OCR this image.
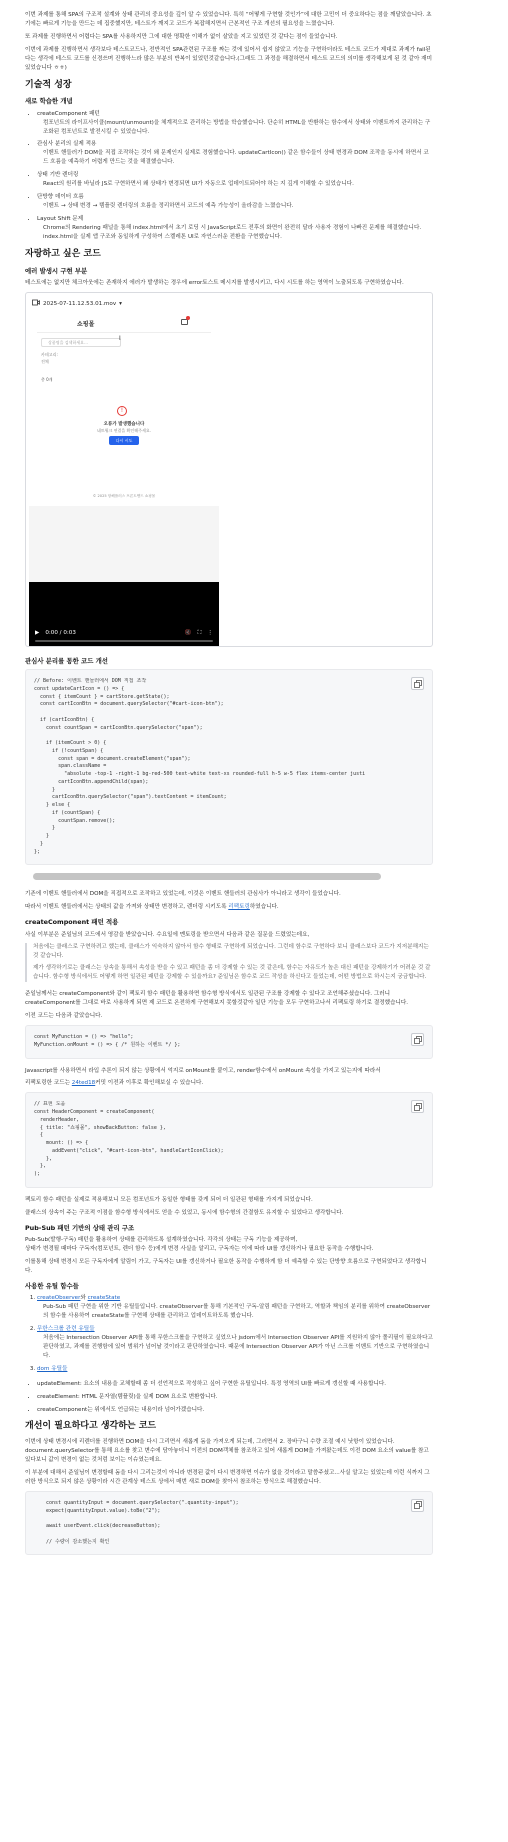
이번 과제를 통해 SPA의 구조적 설계와 상태 관리의 중요성을 깊이 알 수 있었습니다. 특히 “어떻게 구현할 것인가”에 대한 고민이 더 중요하다는 점을 깨달았습니다. 초기에는 빠르게 기능을 만드는 데 집중했지만, 테스트가 깨지고 코드가 복잡해지면서 근본적인 구조 개선의 필요성을 느꼈습니다.

또 과제를 진행하면서 어렵다는 SPA를 사용하지만 그에 대한 명확한 이해가 없이 살았을 지고 있었던 것 같다는 점이 들었습니다.

이번에 과제를 진행하면서 생각보다 테스트코드나, 전반적인 SPA관련된 구조를 짜는 것에 있어서 쉽지 않았고 기능을 구현하더라도 테스트 코드가 제대로 과제가 fail된다는 생각에 테스트 코드를 신경쓰며 진행하느라 많은 부분의 반복이 있었던것같습니다.(그래도 그 과정을 해결하면서 테스트 코드의 의미를 생각해보게 된 것 같아 재미있었습니다 ㅎㅎ)

기술적 성장
새로 학습한 개념
• createComponent 패턴
컴포넌트의 라이프사이클(mount/unmount)을 체계적으로 관리하는 방법을 학습했습니다. 단순히 HTML을 반환하는 함수에서 상태와 이벤트까지 관리하는 구조화된 컴포넌트로 발전시킬 수 있었습니다.
• 관심사 분리의 실제 적용
이벤트 핸들러가 DOM을 직접 조작하는 것이 왜 문제인지 실제로 경험했습니다. updateCartIcon() 같은 함수들이 상태 변경과 DOM 조작을 동시에 하면서 코드 흐름을 예측하기 어렵게 만드는 것을 해결했습니다.
• 상태 기반 렌더링
React의 원리를 바닐라 JS로 구현하면서 왜 상태가 변경되면 UI가 자동으로 업데이트되어야 하는 지 깊게 이해할 수 있었습니다.
• 단방향 데이터 흐름
이벤트 → 상태 변경 → 템플릿 렌더링의 흐름을 정리하면서 코드의 예측 가능성이 올라감을 느꼈습니다.
• Layout Shift 문제
Chrome의 Rendering 패널을 통해 index.html에서 초기 로딩 시 JavaScript로드 전후의 화면이 완전히 달라 사용자 경험이 나빠진 문제를 해결했습니다. index.html을 실제 앱 구조와 동일하게 구성하여 스켈레톤 UI로 자연스러운 전환을 구현했습니다.
자랑하고 싶은 코드
에러 발생시 구현 부분

테스트에는 없지만 체크아웃에는 존재하지 에러가 발생하는 경우에 error토스트 메시지를 발생시키고, 다시 시도를 하는 영역이 노출되도록 구현하였습니다.

2025-07-11.12.53.01.mov ▾
쇼핑몰
상품명을 검색하세요...
I
카테고리:
전체
총 0개
!
오류가 발생했습니다
네트워크 연결을 확인해주세요.
다시 시도
© 2025 항해플러스 프론트엔드 쇼핑몰
▶ 0:00 / 0:03	🔇 ⛶ ⋮
관심사 분리를 통한 코드 개선
// Before: 이벤트 핸들러에서 DOM 직접 조작
const updateCartIcon = () => {
const { itemCount } = cartStore.getState();
const cartIconBtn = document.querySelector("#cart-icon-btn");

if (cartIconBtn) {
const countSpan = cartIconBtn.querySelector("span");

if (itemCount > 0) {
if (!countSpan) {
const span = document.createElement("span");
span.className =
"absolute -top-1 -right-1 bg-red-500 text-white text-xs rounded-full h-5 w-5 flex items-center justi
cartIconBtn.appendChild(span);
}
cartIconBtn.querySelector("span").textContent = itemCount;
} else {
if (countSpan) {
countSpan.remove();
}
}
}
};

기존에 이벤트 핸들러에서 DOM을 직접적으로 조작하고 있었는데, 이것은 이벤트 핸들러의 관심사가 아니라고 생각이 들었습니다.

따라서 이벤트 핸들러에서는 상태의 값을 가져와 상태만 변경하고, 렌더링 시키도록 리팩토링하였습니다.

createComponent 패턴 적용

사실 이부분은 준일님의 코드에서 영감을 받았습니다. 수요일에 멘토링을 받으면서 다음과 같은 질문을 드렸었는데요,

처음에는 클래스로 구현하려고 했는데, 클래스가 익숙하지 않아서 함수 형태로 구현하게 되었습니다. 그런데 함수로 구현하다 보니 클래스보다 코드가 지저분해지는 것 같습니다.

제가 생각하기로는 클래스는 상속을 통해서 속성을 받을 수 있고 패턴을 좀 더 강제할 수 있는 것 같은데, 함수는 자유도가 높은 대신 패턴을 강제하기가 어려운 것 같습니다. 함수형 방식에서도 어떻게 하면 일관된 패턴을 강제할 수 있을까요? 준일님은 함수로 코드 작성을 하신다고 들었는데, 어떤 방법으로 하시는지 궁금합니다.

준일님께서는 createComponent와 같이 팩토리 함수 패턴을 활용하면 함수형 방식에서도 일관된 구조를 강제할 수 있다고 조언해주셨습니다. 그러니 createComponent를 그대로 바로 사용하게 되면 제 코드로 온전하게 구현해보지 못할것같아 일단 기능을 모두 구현하고나서 리팩토링 하기로 결정했습니다.

이전 코드는 다음과 같았습니다.

const MyFunction = () => "hello";
MyFunction.onMount = () => { /* 원하는 이벤트 */ };

Javascript를 사용하면서 라입 추론이 되지 않는 상황에서 억지로 onMount를 붙이고, render함수에서 onMount 속성을 가지고 있는지에 따라서

리팩토링한 코드는 24ted18커밋 이전과 이후로 확인해보실 수 있습니다.

// 표현 도움
const HeaderComponent = createComponent(
renderHeader,
{ title: "쇼핑몰", showBackButton: false },
{
mount: () => {
addEvent("click", "#cart-icon-btn", handleCartIconClick);
},
},
);

팩토리 함수 패턴을 실제로 적용해보니 모든 컴포넌트가 동일한 형태를 갖게 되어 더 일관된 형태를 가지게 되었습니다.

클래스의 상속이 주는 구조적 이점을 함수형 방식에서도 얻을 수 있었고, 동시에 함수형의 간결함도 유지할 수 있었다고 생각합니다.

Pub-Sub 패턴 기반의 상태 관리 구조

Pub-Sub(발행-구독) 패턴을 활용하여 상태를 관리하도록 설계하였습니다. 각각의 상태는 구독 기능을 제공하며,
상태가 변경될 때마다 구독자(컴포넌트, 렌더 함수 등)에게 변경 사실을 알리고, 구독자는 이에 따라 UI를 갱신하거나 필요한 동작을 수행합니다.

이를통해 상태 변경시 모든 구독자에게 알림이 가고, 구독자는 UI를 갱신하거나 필요한 동작을 수행하게 함 더 예측할 수 있는 단방향 흐름으로 구현되었다고 생각합니다.

사용한 유틸 함수들
1. createObserver와 createState
Pub-Sub 패턴 구현을 위한 기반 유틸들입니다. createObserver를 통해 기본적인 구독-알림 패턴을 구현하고, 역할과 책임의 분리를 위하여 createObserver의 함수를 사용하여 createState를 구현해 상태를 관리하고 업데이트하도록 했습니다.
2. 무한스크롤 관련 유틸들
처음에는 Intersection Observer API를 통해 무한스크롤을 구현하고 싶었으나 jsdom에서 Intersection Observer API를 지원하지 않아 폴리필이 필요하다고 판단하였고, 과제를 진행함에 있어 범위가 넘어날 것이라고 판단하였습니다. 때문에 Intersection Observer API가 아닌 스크롤 이벤트 기반으로 구현하였습니다.
3. dom 유틸들
• updateElement: 요소의 내용을 교체할때 좀 더 선언적으로 작성하고 싶어 구현한 유틸입니다. 특정 영역의 UI를 빠르게 갱신할 때 사용합니다.
• createElement: HTML 문자열(템플릿)을 실제 DOM 요소로 변환합니다.
• createComponent는 위에서도 언급되는 내용이라 넘어가겠습니다.
개선이 필요하다고 생각하는 코드

이번에 상태 변경시에 리렌더를 진행하면 DOM을 다시 그리면서 새롭게 돔을 가져오게 되는데, 그러면서 2. 장바구니 수량 조절 예시 낫항이 있었습니다. document.querySelector를 통해 요소를 찾고 변수에 담아놓더니 이전의 DOM객체를 참조하고 있어 새롭게 DOM을 가져왔는데도 이전 DOM 요소의 value를 참고있다보니 값이 변경이 없는 것처럼 보이는 이슈였는데요.

이 부분에 대해서 준일님이 변경할때 돔을 다시 그리는것이 아니라 변경된 값이 다시 변경하면 이슈가 없을 것이라고 말씀주셨고...사실 알고는 있었는데 이런 식까지 그러한 방식으로 되지 않은 상황이라 시간 관계상 테스트 상에서 매번 새로 DOM을 찾아서 참조하는 방식으로 해결했습니다.

const quantityInput = document.querySelector(".quantity-input");
expect(quantityInput.value).toBe("2");

await userEvent.click(decreaseButton);

// 수량이 감소했는지 확인
